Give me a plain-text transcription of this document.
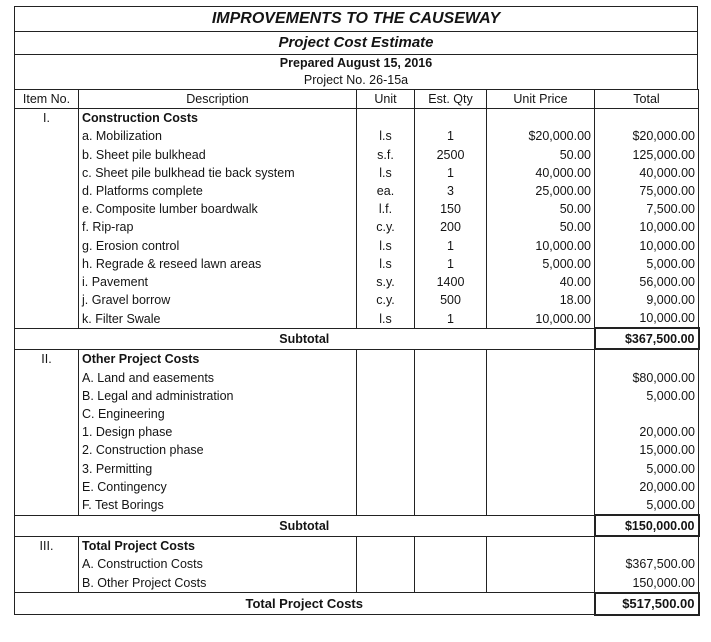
IMPROVEMENTS TO THE CAUSEWAY
Project Cost Estimate
Prepared August 15, 2016
Project No. 26-15a
Item No.	Description	Unit	Est. Qty	Unit Price	Total
I.	Construction Costs				
	a. Mobilization	l.s	1	$20,000.00	$20,000.00
	b. Sheet pile bulkhead	s.f.	2500	50.00	125,000.00
	c. Sheet pile bulkhead tie back system	l.s	1	40,000.00	40,000.00
	d. Platforms complete	ea.	3	25,000.00	75,000.00
	e. Composite lumber boardwalk	l.f.	150	50.00	7,500.00
	f. Rip-rap	c.y.	200	50.00	10,000.00
	g. Erosion control	l.s	1	10,000.00	10,000.00
	h. Regrade & reseed lawn areas	l.s	1	5,000.00	5,000.00
	i. Pavement	s.y.	1400	40.00	56,000.00
	j. Gravel borrow	c.y.	500	18.00	9,000.00
	k. Filter Swale	l.s	1	10,000.00	10,000.00
Subtotal					$367,500.00
II.	Other Project Costs				
	A. Land and easements				$80,000.00
	B. Legal and administration				5,000.00
	C. Engineering				
	1. Design phase				20,000.00
	2. Construction phase				15,000.00
	3. Permitting				5,000.00
	E. Contingency				20,000.00
	F. Test Borings				5,000.00
Subtotal					$150,000.00
III.	Total Project Costs				
	A. Construction Costs				$367,500.00
	B. Other Project Costs				150,000.00
Total Project Costs					$517,500.00
